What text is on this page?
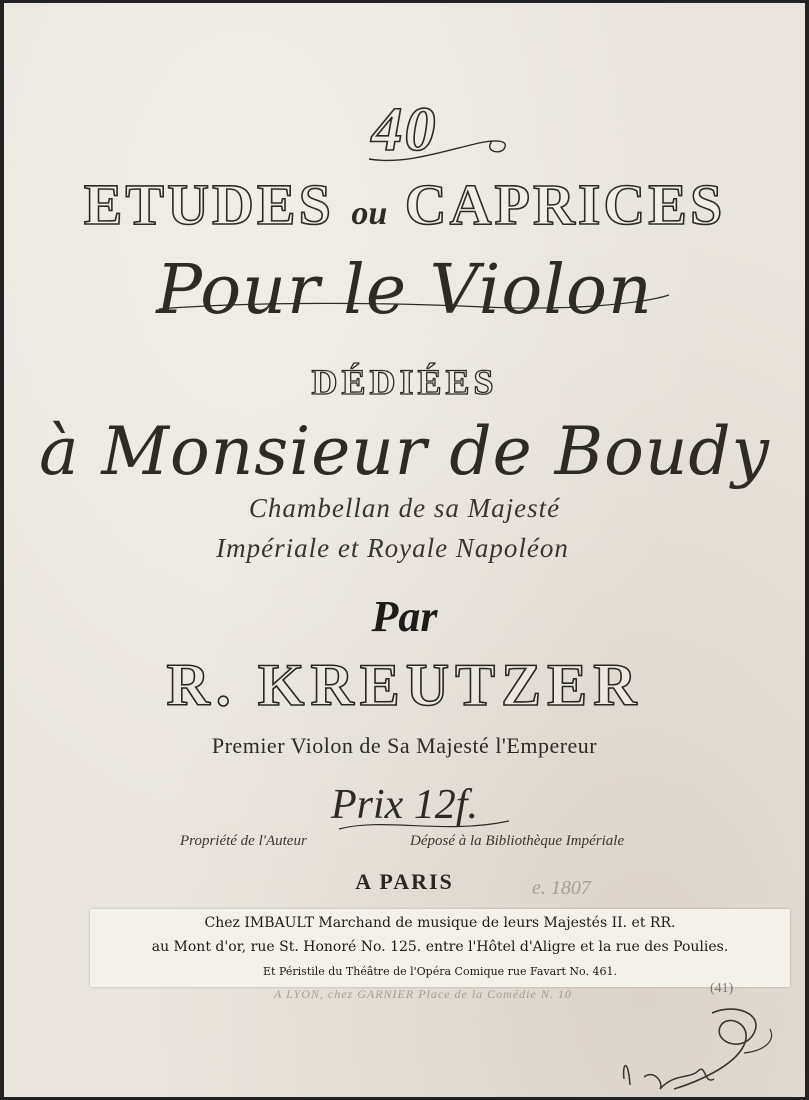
40
ETUDES ou CAPRICES
Pour le Violon
DÉDIÉES
à Monsieur de Boudy
Chambellan de sa Majesté
Impériale et Royale Napoléon
Par
R. KREUTZER
Premier Violon de Sa Majesté l'Empereur
Prix 12f.
Propriété de l'Auteur	Déposé à la Bibliothèque Impériale
A PARIS	e. 1807
Chez IMBAULT Marchand de musique de leurs Majestés II. et RR.
au Mont d'or, rue St. Honoré No. 125. entre l'Hôtel d'Aligre et la rue des Poulies.
Et Péristile du Théâtre de l'Opéra Comique rue Favart No. 461.
A LYON, chez GARNIER Place de la Comédie N. 10	(41)
